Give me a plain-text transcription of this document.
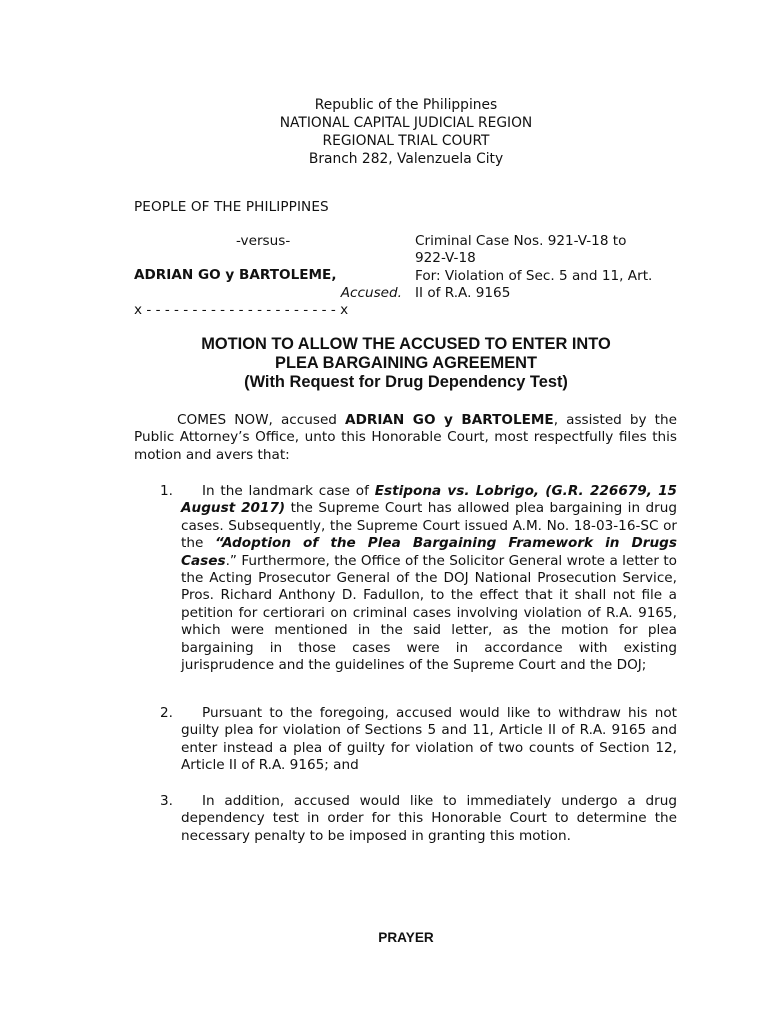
Republic of the Philippines
NATIONAL CAPITAL JUDICIAL REGION
REGIONAL TRIAL COURT
Branch 282, Valenzuela City
PEOPLE OF THE PHILIPPINES
-versus-
ADRIAN GO y BARTOLEME,
Accused.
x - - - - - - - - - - - - - - - - - - - - - x
Criminal Case Nos. 921-V-18 to
922-V-18
For: Violation of Sec. 5 and 11, Art.
II of R.A. 9165
MOTION TO ALLOW THE ACCUSED TO ENTER INTO
PLEA BARGAINING AGREEMENT
(With Request for Drug Dependency Test)
COMES NOW, accused ADRIAN GO y BARTOLEME, assisted by the Public Attorney’s Office, unto this Honorable Court, most respectfully files this motion and avers that:
1.	In the landmark case of Estipona vs. Lobrigo, (G.R. 226679, 15 August 2017) the Supreme Court has allowed plea bargaining in drug cases. Subsequently, the Supreme Court issued A.M. No. 18-03-16-SC or the “Adoption of the Plea Bargaining Framework in Drugs Cases.” Furthermore, the Office of the Solicitor General wrote a letter to the Acting Prosecutor General of the DOJ National Prosecution Service, Pros. Richard Anthony D. Fadullon, to the effect that it shall not file a petition for certiorari on criminal cases involving violation of R.A. 9165, which were mentioned in the said letter, as the motion for plea bargaining in those cases were in accordance with existing jurisprudence and the guidelines of the Supreme Court and the DOJ;
2.	Pursuant to the foregoing, accused would like to withdraw his not guilty plea for violation of Sections 5 and 11, Article II of R.A. 9165 and enter instead a plea of guilty for violation of two counts of Section 12, Article II of R.A. 9165; and
3.	In addition, accused would like to immediately undergo a drug dependency test in order for this Honorable Court to determine the necessary penalty to be imposed in granting this motion.
PRAYER
